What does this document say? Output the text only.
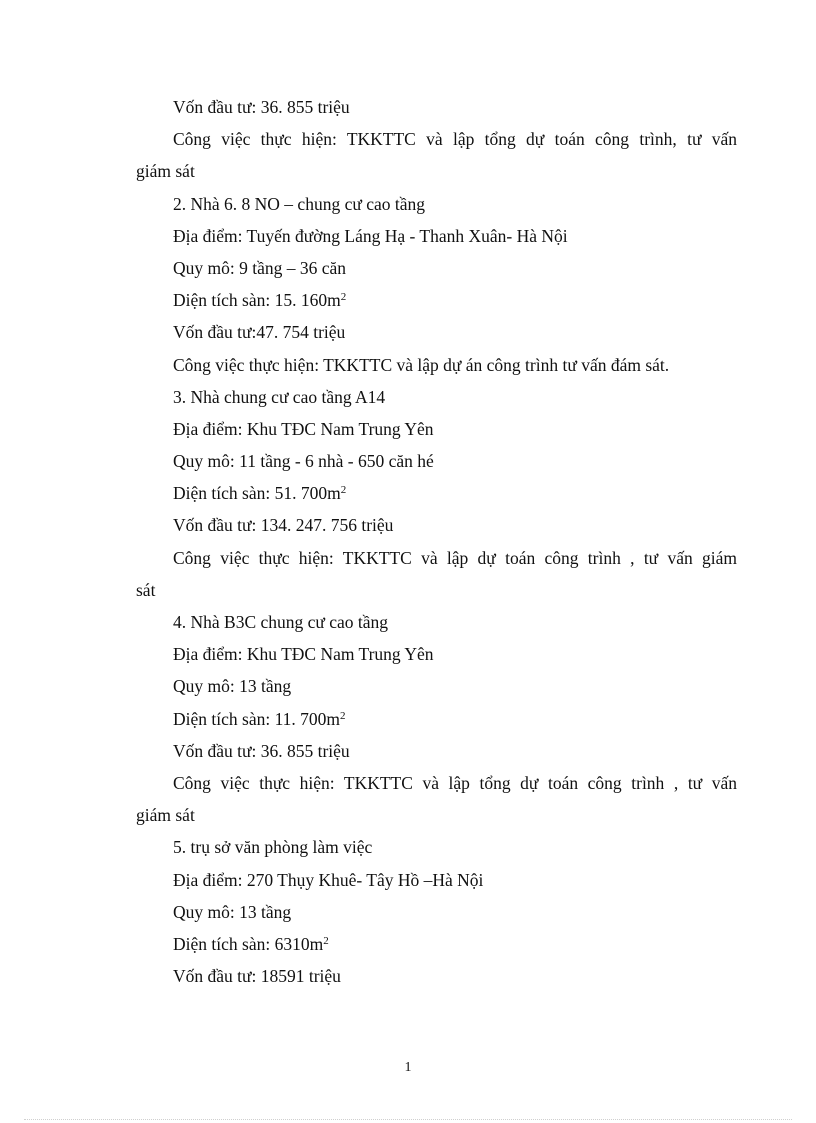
Vốn đầu tư: 36. 855 triệu
Công việc thực hiện: TKKTTC và lập tổng dự toán công trình, tư vấn
giám sát
2. Nhà 6. 8 NO – chung cư cao tầng
Địa điểm: Tuyến đường Láng Hạ - Thanh Xuân- Hà Nội
Quy mô: 9 tầng – 36 căn
Diện tích sàn: 15. $160m^2$
Vốn đầu tư:47. 754 triệu
Công việc thực hiện: TKKTTC và lập dự án công trình tư vấn đám sát.
3. Nhà chung cư cao tầng A14
Địa điểm: Khu TĐC Nam Trung Yên
Quy mô: 11 tầng - 6 nhà - 650 căn hé
Diện tích sàn: 51. $700m^2$
Vốn đầu tư: 134. 247. 756 triệu
Công việc thực hiện: TKKTTC và lập dự toán công trình , tư vấn giám
sát
4. Nhà B3C chung cư cao tầng
Địa điểm: Khu TĐC Nam Trung Yên
Quy mô: 13 tầng
Diện tích sàn: 11. $700m^2$
Vốn đầu tư: 36. 855 triệu
Công việc thực hiện: TKKTTC và lập tổng dự toán công trình , tư vấn
giám sát
5. trụ sở văn phòng làm việc
Địa điểm: 270 Thụy Khuê- Tây Hồ –Hà Nội
Quy mô: 13 tầng
Diện tích sàn: $6310m^2$
Vốn đầu tư: 18591 triệu
1
